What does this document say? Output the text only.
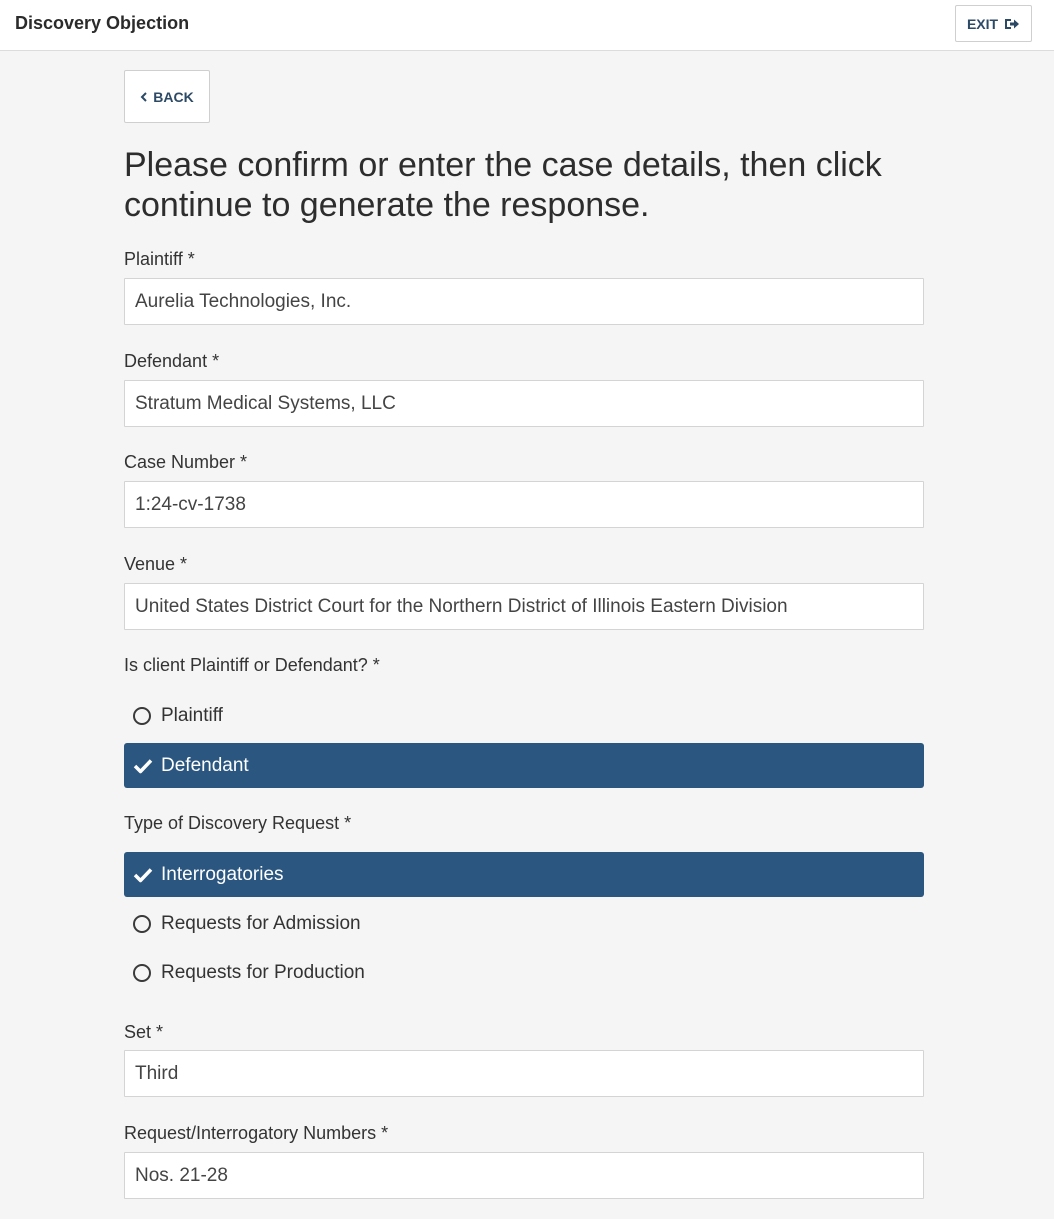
Discovery Objection	EXIT
BACK
Please confirm or enter the case details, then click continue to generate the response.
Plaintiff *
Aurelia Technologies, Inc.
Defendant *
Stratum Medical Systems, LLC
Case Number *
1:24-cv-1738
Venue *
United States District Court for the Northern District of Illinois Eastern Division
Is client Plaintiff or Defendant? *
Plaintiff
Defendant
Type of Discovery Request *
Interrogatories
Requests for Admission
Requests for Production
Set *
Third
Request/Interrogatory Numbers *
Nos. 21-28
